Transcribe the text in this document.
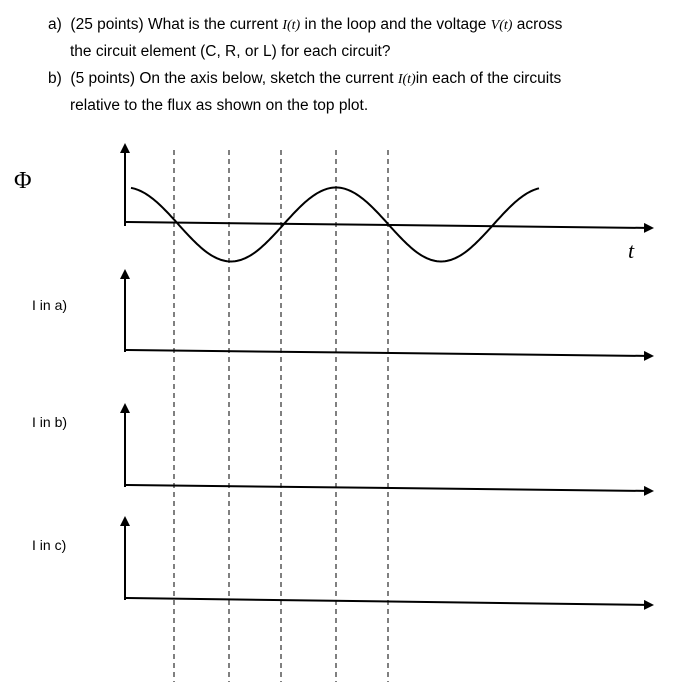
a) (25 points) What is the current I(t) in the loop and the voltage V(t) across
the circuit element (C, R, or L) for each circuit?
b) (5 points) On the axis below, sketch the current I(t)in each of the circuits
relative to the flux as shown on the top plot.
Φ
t
I in a)
I in b)
I in c)
